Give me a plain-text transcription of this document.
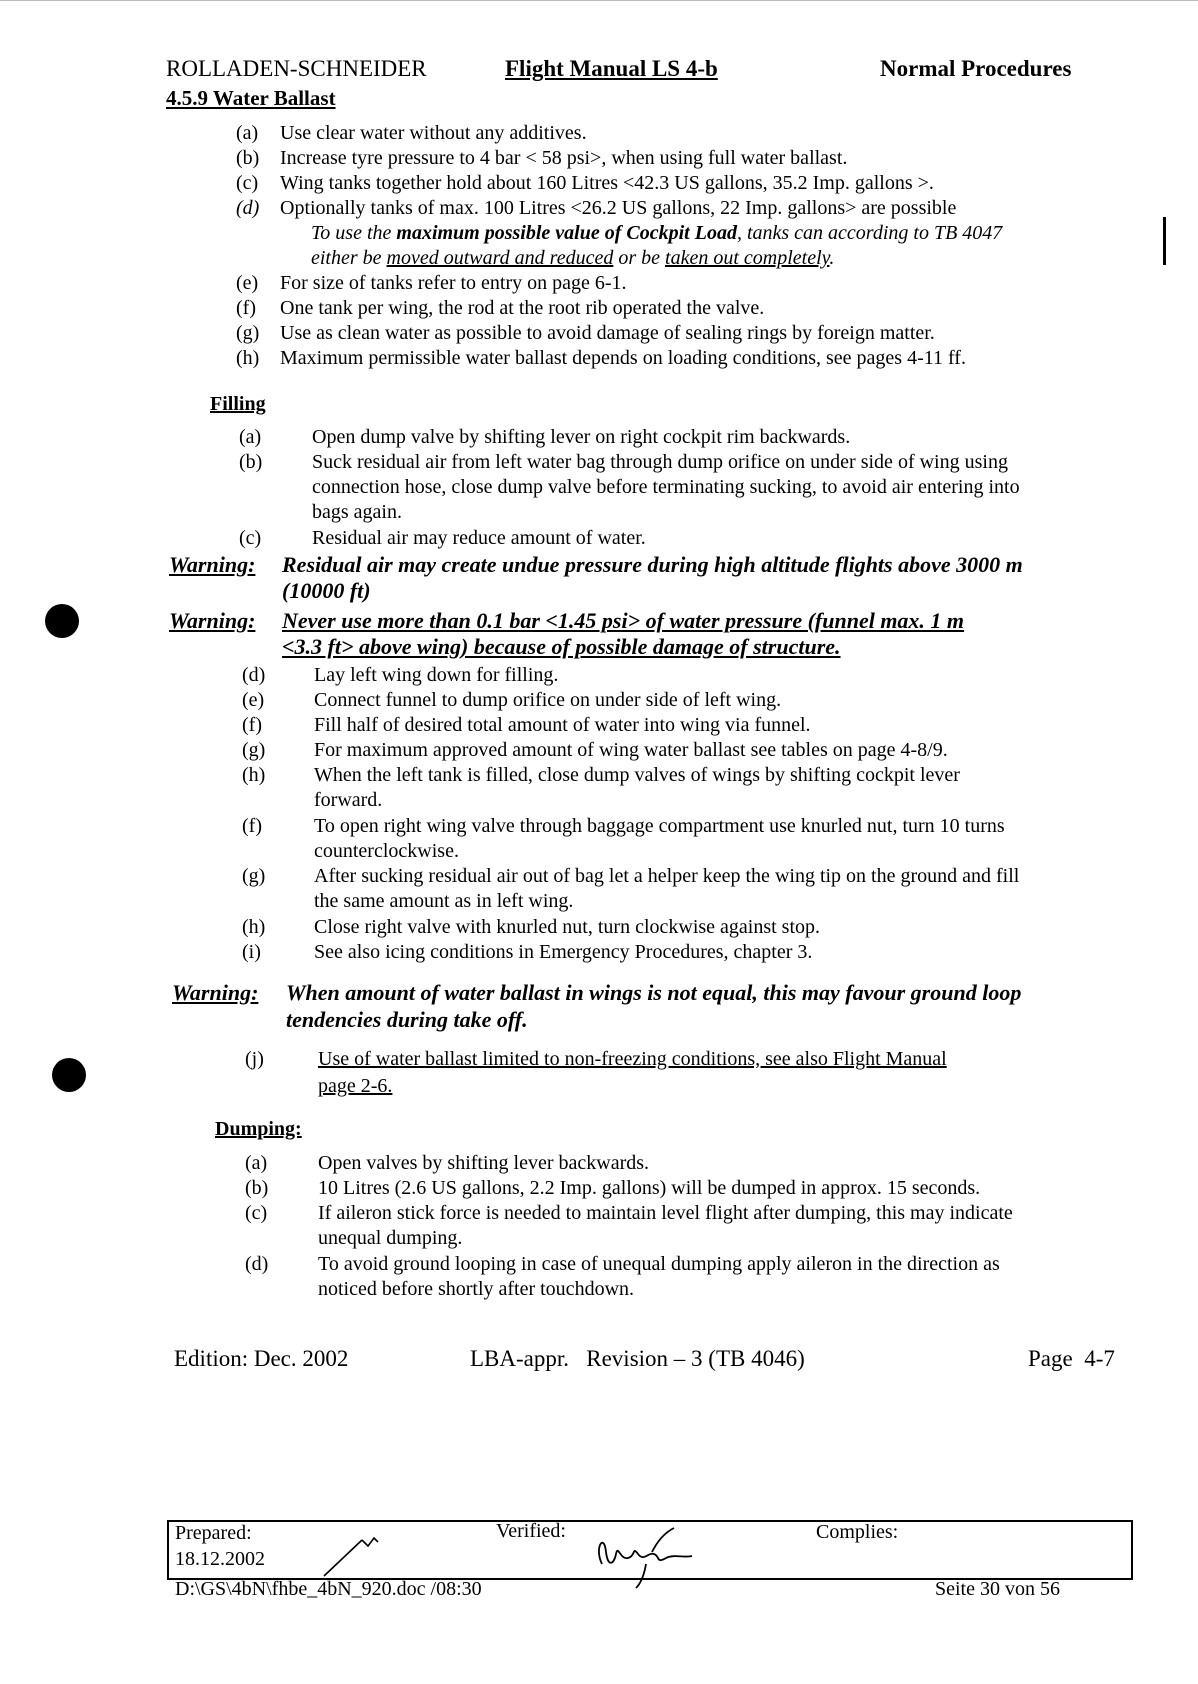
ROLLADEN-SCHNEIDER	Flight Manual LS 4-b	Normal Procedures
4.5.9 Water Ballast
(a) Use clear water without any additives.
(b) Increase tyre pressure to 4 bar < 58 psi>, when using full water ballast.
(c) Wing tanks together hold about 160 Litres <42.3 US gallons, 35.2 Imp. gallons >.
(d) Optionally tanks of max. 100 Litres <26.2 US gallons, 22 Imp. gallons> are possible
To use the maximum possible value of Cockpit Load, tanks can according to TB 4047
either be moved outward and reduced or be taken out completely.
(e) For size of tanks refer to entry on page 6-1.
(f) One tank per wing, the rod at the root rib operated the valve.
(g) Use as clean water as possible to avoid damage of sealing rings by foreign matter.
(h) Maximum permissible water ballast depends on loading conditions, see pages 4-11 ff.
Filling
(a)	Open dump valve by shifting lever on right cockpit rim backwards.
(b) Suck residual air from left water bag through dump orifice on under side of wing using
connection hose, close dump valve before terminating sucking, to avoid air entering into
bags again.
(c)	Residual air may reduce amount of water.
Warning: Residual air may create undue pressure during high altitude flights above 3000 m
(10000 ft)
Warning: Never use more than 0.1 bar <1.45 psi> of water pressure (funnel max. 1 m
<3.3 ft> above wing) because of possible damage of structure.
(d) Lay left wing down for filling.
(e) Connect funnel to dump orifice on under side of left wing.
(f)	Fill half of desired total amount of water into wing via funnel.
(g) For maximum approved amount of wing water ballast see tables on page 4-8/9.
(h) When the left tank is filled, close dump valves of wings by shifting cockpit lever
forward.
(f)	To open right wing valve through baggage compartment use knurled nut, turn 10 turns
counterclockwise.
(g) After sucking residual air out of bag let a helper keep the wing tip on the ground and fill
the same amount as in left wing.
(h) Close right valve with knurled nut, turn clockwise against stop.
(i)	See also icing conditions in Emergency Procedures, chapter 3.
Warning: When amount of water ballast in wings is not equal, this may favour ground loop
tendencies during take off.
(j)	Use of water ballast limited to non-freezing conditions, see also Flight Manual
page 2-6.
Dumping:
(a)	Open valves by shifting lever backwards.
(b) 10 Litres (2.6 US gallons, 2.2 Imp. gallons) will be dumped in approx. 15 seconds.
(c)	If aileron stick force is needed to maintain level flight after dumping, this may indicate
unequal dumping.
(d) To avoid ground looping in case of unequal dumping apply aileron in the direction as
noticed before shortly after touchdown.
Edition: Dec. 2002	LBA-appr.   Revision – 3 (TB 4046)	Page  4-7
Prepared:
18.12.2002
Verified:	Complies:
D:\GS\4bN\fhbe_4bN_920.doc /08:30	Seite 30 von 56
